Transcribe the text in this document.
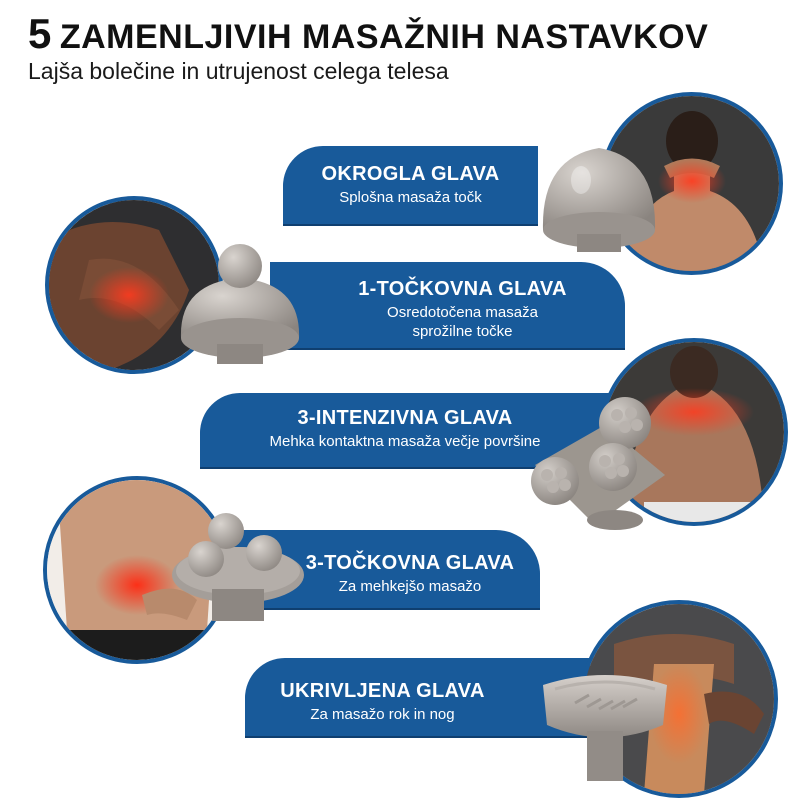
5 ZAMENLJIVIH MASAŽNIH NASTAVKOV
Lajša bolečine in utrujenost celega telesa
OKROGLA GLAVA
Splošna masaža točk
1-TOČKOVNA GLAVA
Osredotočena masaža
sprožilne točke
3-INTENZIVNA GLAVA
Mehka kontaktna masaža večje površine
3-TOČKOVNA GLAVA
Za mehkejšo masažo
UKRIVLJENA GLAVA
Za masažo rok in nog
